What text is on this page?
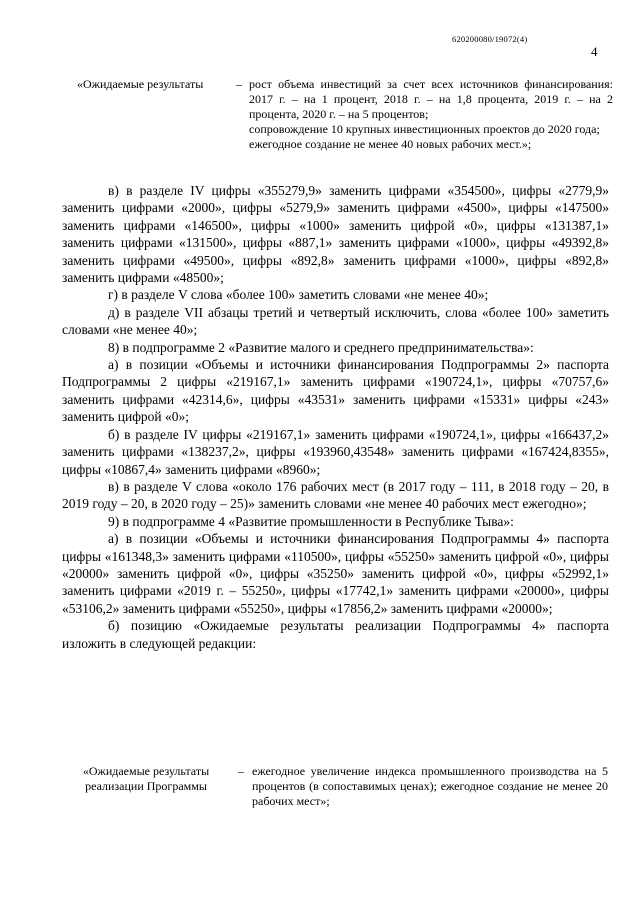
620200080/19072(4)
4
«Ожидаемые результаты	– рост объема инвестиций за счет всех источников финансирования: 2017 г. – на 1 процент, 2018 г. – на 1,8 процента, 2019 г. – на 2 процента, 2020 г. – на 5 процентов;
сопровождение 10 крупных инвестиционных проектов до 2020 года;
ежегодное создание не менее 40 новых рабочих мест.»;

в) в разделе IV цифры «355279,9» заменить цифрами «354500», цифры «2779,9» заменить цифрами «2000», цифры «5279,9» заменить цифрами «4500», цифры «147500» заменить цифрами «146500», цифры «1000» заменить цифрой «0», цифры «131387,1» заменить цифрами «131500», цифры «887,1» заменить цифрами «1000», цифры «49392,8» заменить цифрами «49500», цифры «892,8» заменить цифрами «1000», цифры «892,8» заменить цифрами «48500»;

г) в разделе V слова «более 100» заметить словами «не менее 40»;

д) в разделе VII абзацы третий и четвертый исключить, слова «более 100» заметить словами «не менее 40»;

8) в подпрограмме 2 «Развитие малого и среднего предпринимательства»:

а) в позиции «Объемы и источники финансирования Подпрограммы 2» паспорта Подпрограммы 2 цифры «219167,1» заменить цифрами «190724,1», цифры «70757,6» заменить цифрами «42314,6», цифры «43531» заменить цифрами «15331» цифры «243» заменить цифрой «0»;

б) в разделе IV цифры «219167,1» заменить цифрами «190724,1», цифры «166437,2» заменить цифрами «138237,2», цифры «193960,43548» заменить цифрами «167424,8355», цифры «10867,4» заменить цифрами «8960»;

в) в разделе V слова «около 176 рабочих мест (в 2017 году – 111, в 2018 году – 20, в 2019 году – 20, в 2020 году – 25)» заменить словами «не менее 40 рабочих мест ежегодно»;

9) в подпрограмме 4 «Развитие промышленности в Республике Тыва»:

а) в позиции «Объемы и источники финансирования Подпрограммы 4» паспорта цифры «161348,3» заменить цифрами «110500», цифры «55250» заменить цифрой «0», цифры «20000» заменить цифрой «0», цифры «35250» заменить цифрой «0», цифры «52992,1» заменить цифрами «2019 г. – 55250», цифры «17742,1» заменить цифрами «20000», цифры «53106,2» заменить цифрами «55250», цифры «17856,2» заменить цифрами «20000»;

б) позицию «Ожидаемые результаты реализации Подпрограммы 4» паспорта изложить в следующей редакции:

«Ожидаемые результаты реализации Программы
– ежегодное увеличение индекса промышленного производства на 5 процентов (в сопоставимых ценах); ежегодное создание не менее 20 рабочих мест»;
